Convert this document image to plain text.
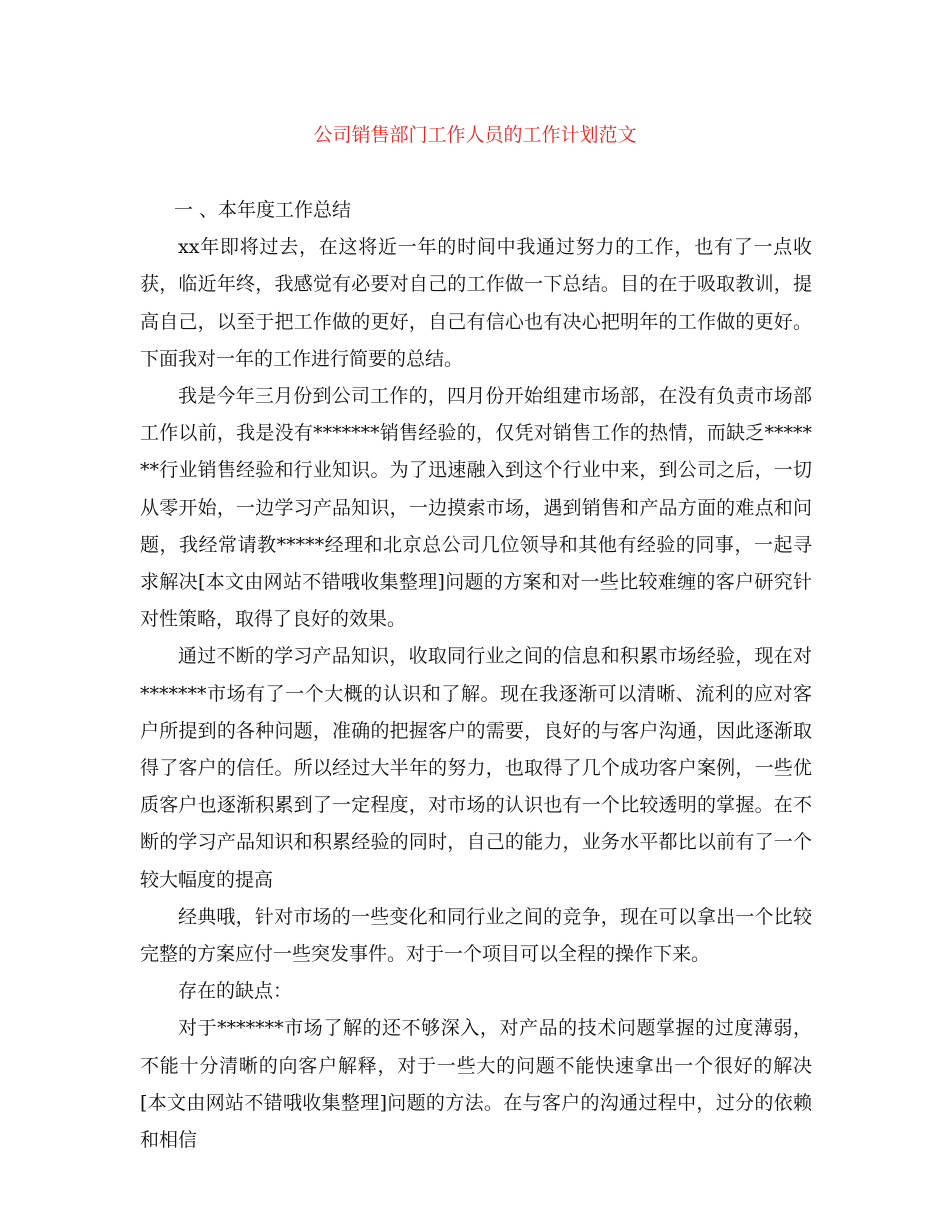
公司销售部门工作人员的工作计划范文

一 、本年度工作总结

xx年即将过去，在这将近一年的时间中我通过努力的工作，也有了一点收获，临近年终，我感觉有必要对自己的工作做一下总结。目的在于吸取教训，提高自己，以至于把工作做的更好，自己有信心也有决心把明年的工作做的更好。下面我对一年的工作进行简要的总结。

我是今年三月份到公司工作的，四月份开始组建市场部，在没有负责市场部工作以前，我是没有*******销售经验的，仅凭对销售工作的热情，而缺乏*******行业销售经验和行业知识。为了迅速融入到这个行业中来，到公司之后，一切从零开始，一边学习产品知识，一边摸索市场，遇到销售和产品方面的难点和问题，我经常请教*****经理和北京总公司几位领导和其他有经验的同事，一起寻求解决[本文由网站不错哦收集整理]问题的方案和对一些比较难缠的客户研究针对性策略，取得了良好的效果。

通过不断的学习产品知识，收取同行业之间的信息和积累市场经验，现在对*******市场有了一个大概的认识和了解。现在我逐渐可以清晰、流利的应对客户所提到的各种问题，准确的把握客户的需要，良好的与客户沟通，因此逐渐取得了客户的信任。所以经过大半年的努力，也取得了几个成功客户案例，一些优质客户也逐渐积累到了一定程度，对市场的认识也有一个比较透明的掌握。在不断的学习产品知识和积累经验的同时，自己的能力，业务水平都比以前有了一个较大幅度的提高

经典哦，针对市场的一些变化和同行业之间的竞争，现在可以拿出一个比较完整的方案应付一些突发事件。对于一个项目可以全程的操作下来。

存在的缺点：

对于*******市场了解的还不够深入，对产品的技术问题掌握的过度薄弱，不能十分清晰的向客户解释，对于一些大的问题不能快速拿出一个很好的解决[本文由网站不错哦收集整理]问题的方法。在与客户的沟通过程中，过分的依赖和相信
